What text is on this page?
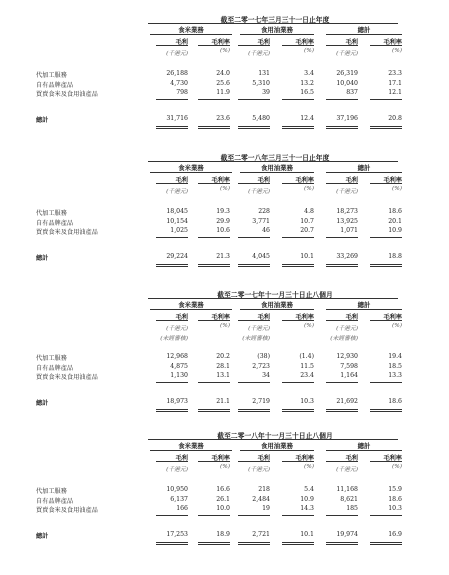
截至二零一七年三月三十一日止年度
食米業務	食用油業務	總計
毛利	毛利率	毛利	毛利率	毛利	毛利率
(千港元)	(%)	(千港元)	(%)	(千港元)	(%)
代加工服務	26,188	24.0	131	3.4	26,319	23.3
自有品牌產品	4,730	25.6	5,310	13.2	10,040	17.1
買賣食米及食用油產品	798	11.9	39	16.5	837	12.1
總計	31,716	23.6	5,480	12.4	37,196	20.8
截至二零一八年三月三十一日止年度
食米業務	食用油業務	總計
毛利	毛利率	毛利	毛利率	毛利	毛利率
(千港元)	(%)	(千港元)	(%)	(千港元)	(%)
代加工服務	18,045	19.3	228	4.8	18,273	18.6
自有品牌產品	10,154	29.9	3,771	10.7	13,925	20.1
買賣食米及食用油產品	1,025	10.6	46	20.7	1,071	10.9
總計	29,224	21.3	4,045	10.1	33,269	18.8
截至二零一七年十一月三十日止八個月
食米業務	食用油業務	總計
毛利	毛利率	毛利	毛利率	毛利	毛利率
(千港元)	(%)	(千港元)	(%)	(千港元)	(%)
(未經審核)	(未經審核)	(未經審核)
代加工服務	12,968	20.2	(38)	(1.4)	12,930	19.4
自有品牌產品	4,875	28.1	2,723	11.5	7,598	18.5
買賣食米及食用油產品	1,130	13.1	34	23.4	1,164	13.3
總計	18,973	21.1	2,719	10.3	21,692	18.6
截至二零一八年十一月三十日止八個月
食米業務	食用油業務	總計
毛利	毛利率	毛利	毛利率	毛利	毛利率
(千港元)	(%)	(千港元)	(%)	(千港元)	(%)
代加工服務	10,950	16.6	218	5.4	11,168	15.9
自有品牌產品	6,137	26.1	2,484	10.9	8,621	18.6
買賣食米及食用油產品	166	10.0	19	14.3	185	10.3
總計	17,253	18.9	2,721	10.1	19,974	16.9
